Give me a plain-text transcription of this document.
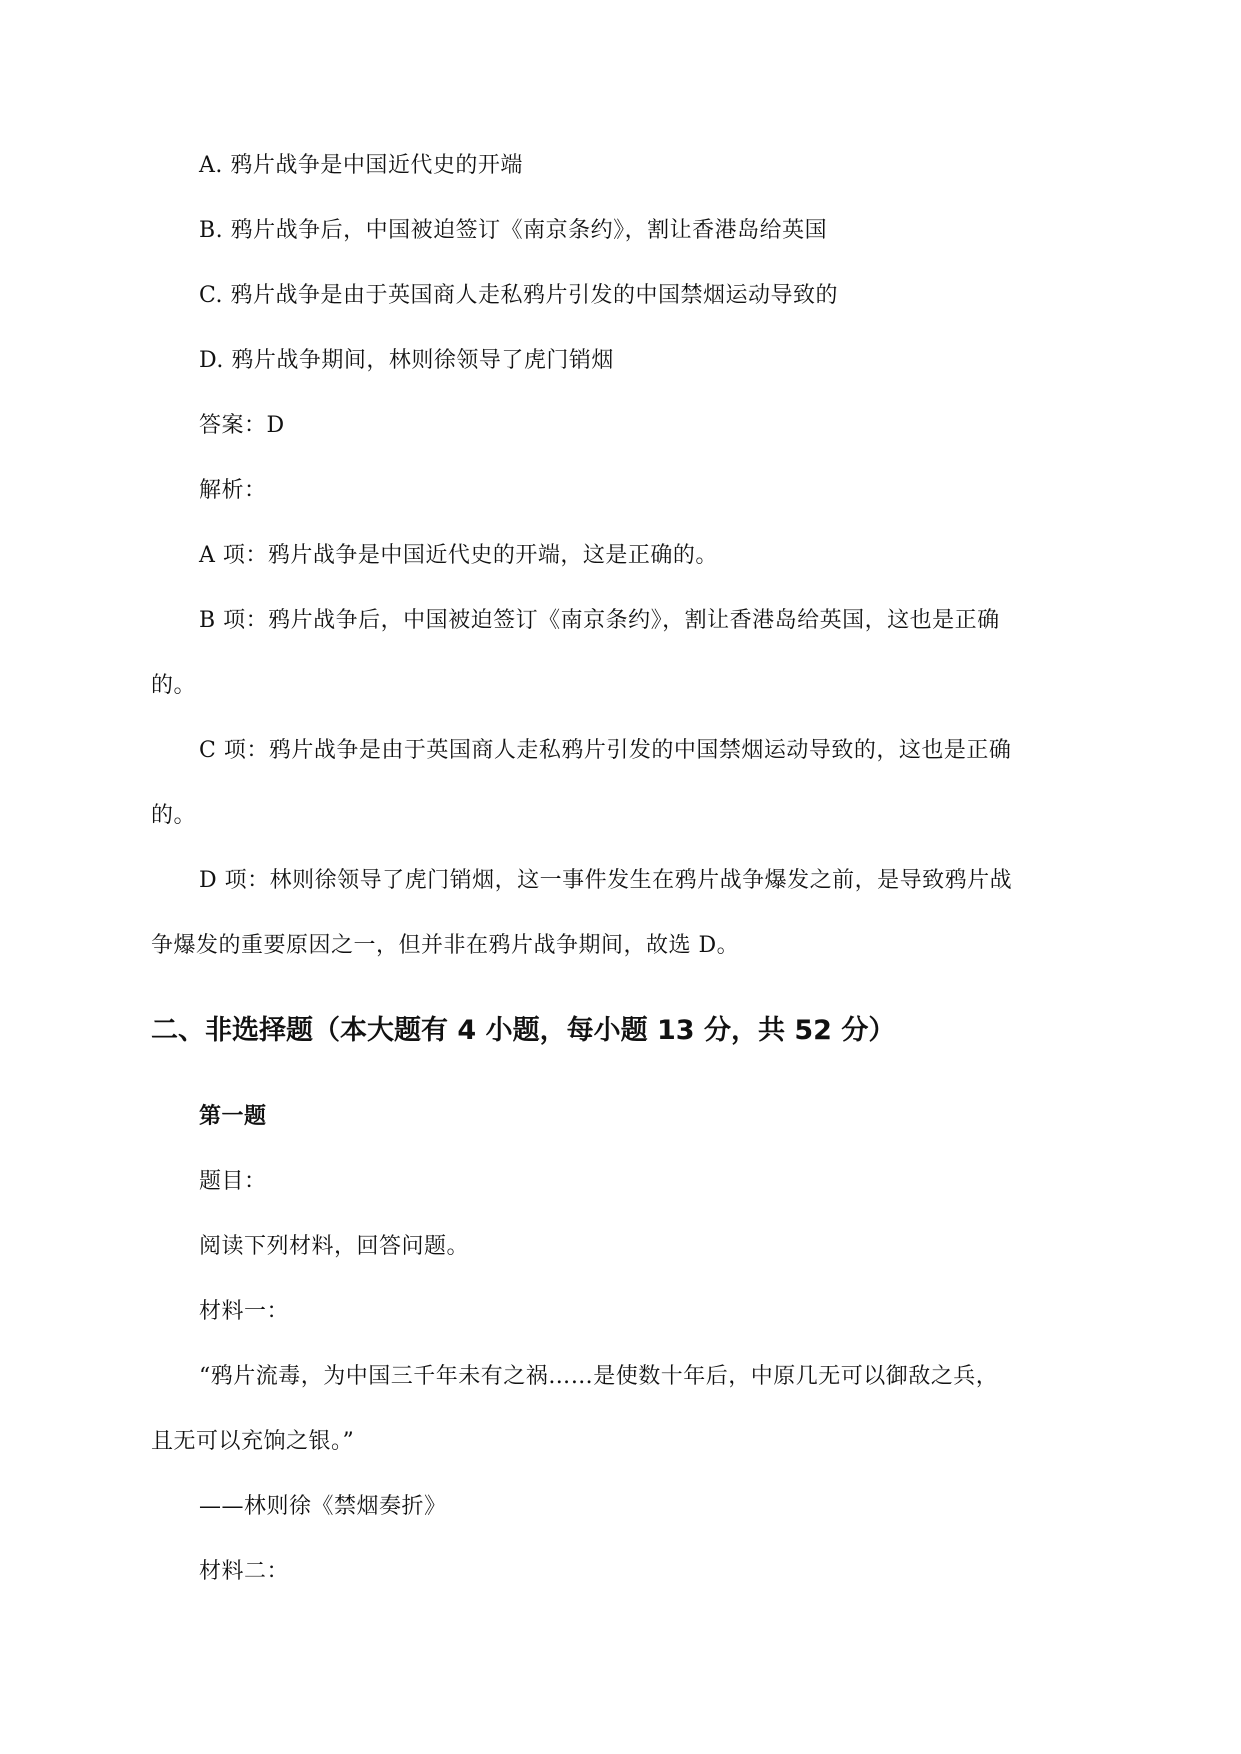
A. 鸦片战争是中国近代史的开端
B. 鸦片战争后，中国被迫签订《南京条约》，割让香港岛给英国
C. 鸦片战争是由于英国商人走私鸦片引发的中国禁烟运动导致的
D. 鸦片战争期间，林则徐领导了虎门销烟
答案：D
解析：
A 项：鸦片战争是中国近代史的开端，这是正确的。
B 项：鸦片战争后，中国被迫签订《南京条约》，割让香港岛给英国，这也是正确
的。
C 项：鸦片战争是由于英国商人走私鸦片引发的中国禁烟运动导致的，这也是正确
的。
D 项：林则徐领导了虎门销烟，这一事件发生在鸦片战争爆发之前，是导致鸦片战
争爆发的重要原因之一，但并非在鸦片战争期间，故选 D。
二、非选择题（本大题有 4 小题，每小题 13 分，共 52 分）
第一题
题目：
阅读下列材料，回答问题。
材料一：
“鸦片流毒，为中国三千年未有之祸……是使数十年后，中原几无可以御敌之兵，
且无可以充饷之银。”
——林则徐《禁烟奏折》
材料二：
